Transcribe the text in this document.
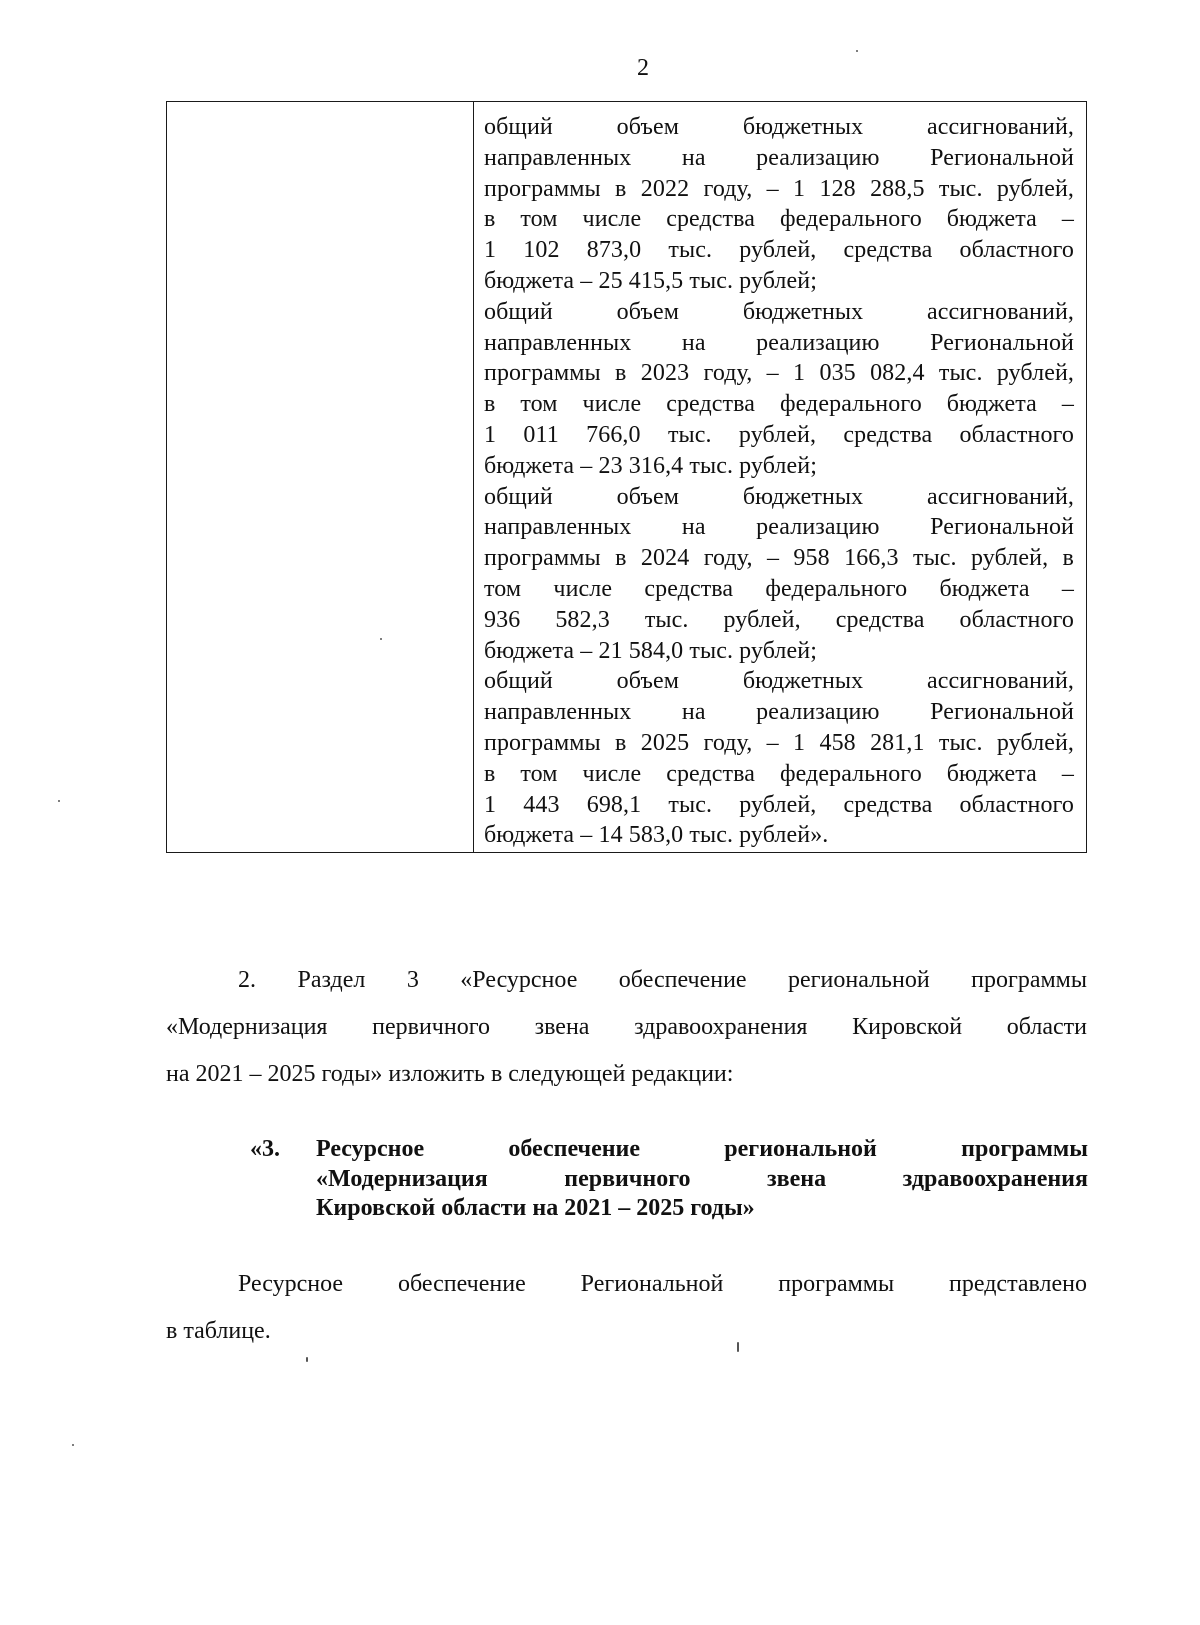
2

общий объем бюджетных ассигнований,

направленных на реализацию Региональной

программы в 2022 году, – 1 128 288,5 тыс. рублей,

в том числе средства федерального бюджета –

1 102 873,0 тыс. рублей, средства областного

бюджета – 25 415,5 тыс. рублей;

общий объем бюджетных ассигнований,

направленных на реализацию Региональной

программы в 2023 году, – 1 035 082,4 тыс. рублей,

в том числе средства федерального бюджета –

1 011 766,0 тыс. рублей, средства областного

бюджета – 23 316,4 тыс. рублей;

общий объем бюджетных ассигнований,

направленных на реализацию Региональной

программы в 2024 году, – 958 166,3 тыс. рублей, в

том числе средства федерального бюджета –

936 582,3 тыс. рублей, средства областного

бюджета – 21 584,0 тыс. рублей;

общий объем бюджетных ассигнований,

направленных на реализацию Региональной

программы в 2025 году, – 1 458 281,1 тыс. рублей,

в том числе средства федерального бюджета –

1 443 698,1 тыс. рублей, средства областного

бюджета – 14 583,0 тыс. рублей».

2. Раздел 3 «Ресурсное обеспечение региональной программы

«Модернизация первичного звена здравоохранения Кировской области

на 2021 – 2025 годы» изложить в следующей редакции:

«3. Ресурсное обеспечение региональной программы

«Модернизация первичного звена здравоохранения

Кировской области на 2021 – 2025 годы»

Ресурсное обеспечение Региональной программы представлено

в таблице.
